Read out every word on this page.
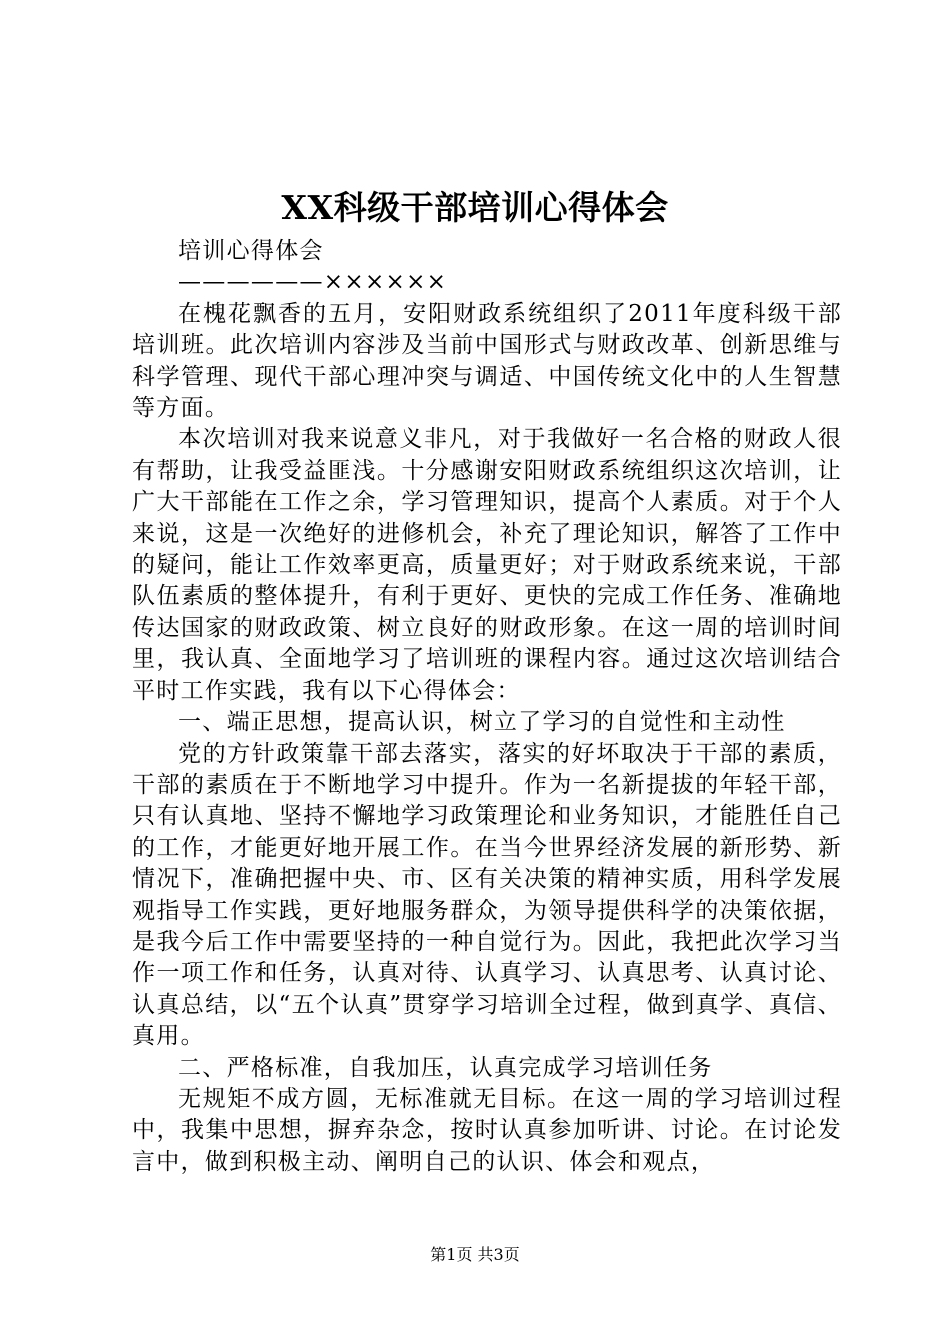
XX科级干部培训心得体会

培训心得体会

——————××××××

在槐花飘香的五月，安阳财政系统组织了2011年度科级干部培训班。此次培训内容涉及当前中国形式与财政改革、创新思维与科学管理、现代干部心理冲突与调适、中国传统文化中的人生智慧等方面。

本次培训对我来说意义非凡，对于我做好一名合格的财政人很有帮助，让我受益匪浅。十分感谢安阳财政系统组织这次培训，让广大干部能在工作之余，学习管理知识，提高个人素质。对于个人来说，这是一次绝好的进修机会，补充了理论知识，解答了工作中的疑问，能让工作效率更高，质量更好；对于财政系统来说，干部队伍素质的整体提升，有利于更好、更快的完成工作任务、准确地传达国家的财政政策、树立良好的财政形象。在这一周的培训时间里，我认真、全面地学习了培训班的课程内容。通过这次培训结合平时工作实践，我有以下心得体会：

一、端正思想，提高认识，树立了学习的自觉性和主动性

党的方针政策靠干部去落实，落实的好坏取决于干部的素质，干部的素质在于不断地学习中提升。作为一名新提拔的年轻干部，只有认真地、坚持不懈地学习政策理论和业务知识，才能胜任自己的工作，才能更好地开展工作。在当今世界经济发展的新形势、新情况下，准确把握中央、市、区有关决策的精神实质，用科学发展观指导工作实践，更好地服务群众，为领导提供科学的决策依据，是我今后工作中需要坚持的一种自觉行为。因此，我把此次学习当作一项工作和任务，认真对待、认真学习、认真思考、认真讨论、认真总结，以“五个认真”贯穿学习培训全过程，做到真学、真信、真用。

二、严格标准，自我加压，认真完成学习培训任务

无规矩不成方圆，无标准就无目标。在这一周的学习培训过程中，我集中思想，摒弃杂念，按时认真参加听讲、讨论。在讨论发言中，做到积极主动、阐明自己的认识、体会和观点，

第1页 共3页
